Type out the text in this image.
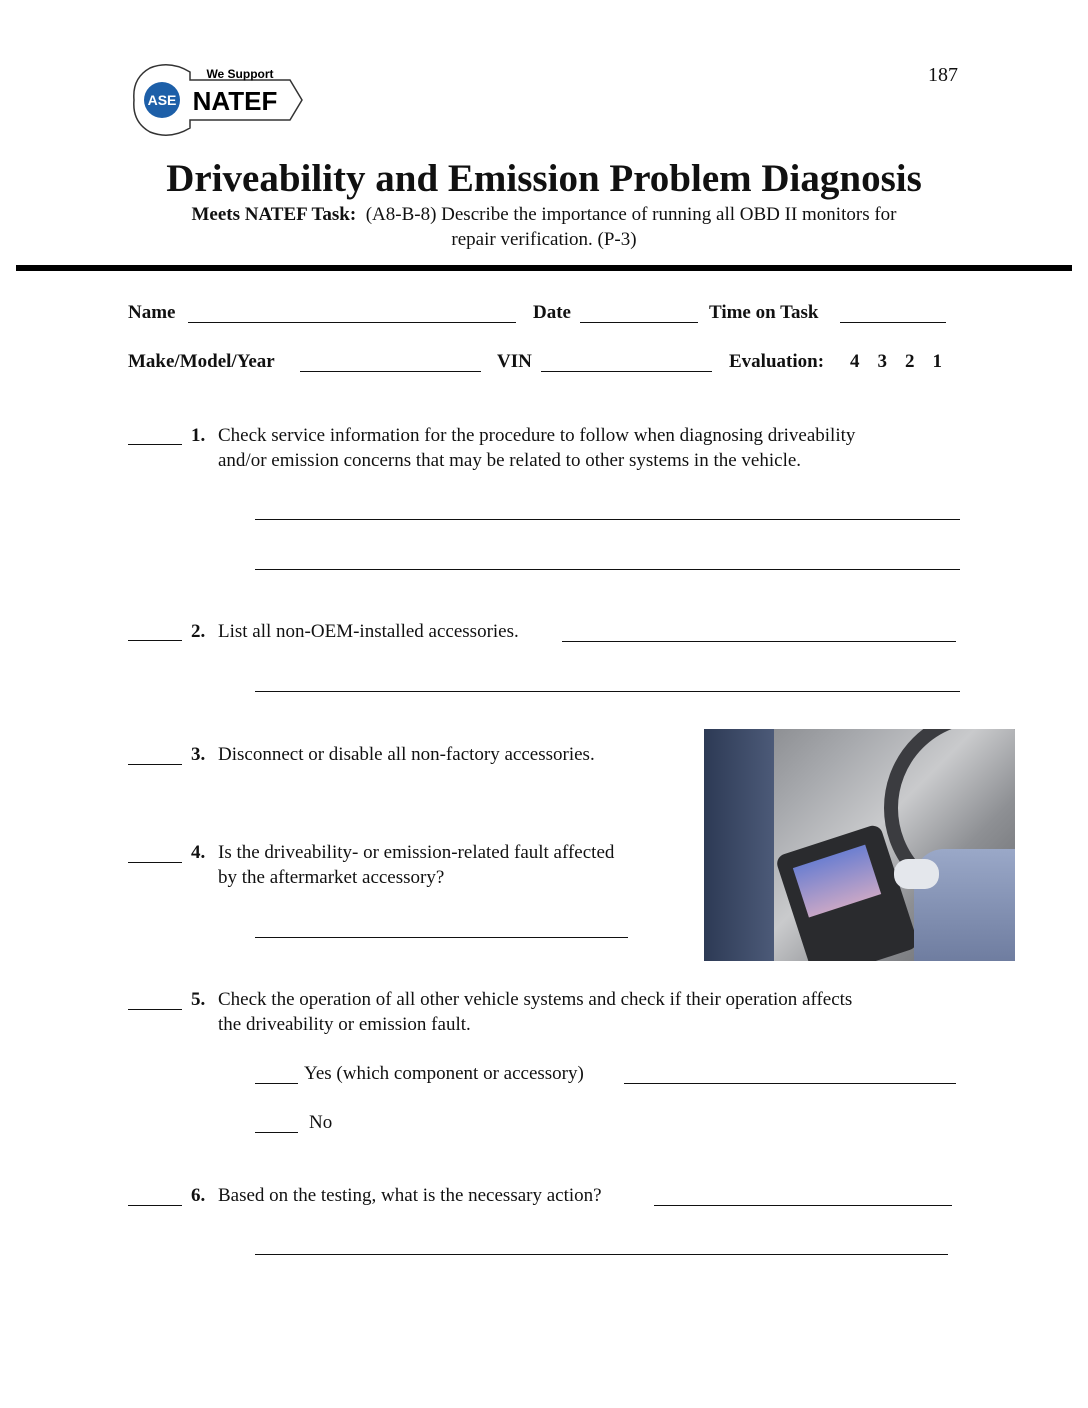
187
ASE
We Support
NATEF
Driveability and Emission Problem Diagnosis
Meets NATEF Task: (A8-B-8) Describe the importance of running all OBD II monitors for
repair verification. (P-3)
Name	Date	Time on Task
Make/Model/Year	VIN	Evaluation: 4 3 2 1
1. Check service information for the procedure to follow when diagnosing driveability
and/or emission concerns that may be related to other systems in the vehicle.
2. List all non-OEM-installed accessories.
3. Disconnect or disable all non-factory accessories.
4. Is the driveability- or emission-related fault affected
by the aftermarket accessory?
5. Check the operation of all other vehicle systems and check if their operation affects
the driveability or emission fault.
Yes (which component or accessory)
No
6. Based on the testing, what is the necessary action?
